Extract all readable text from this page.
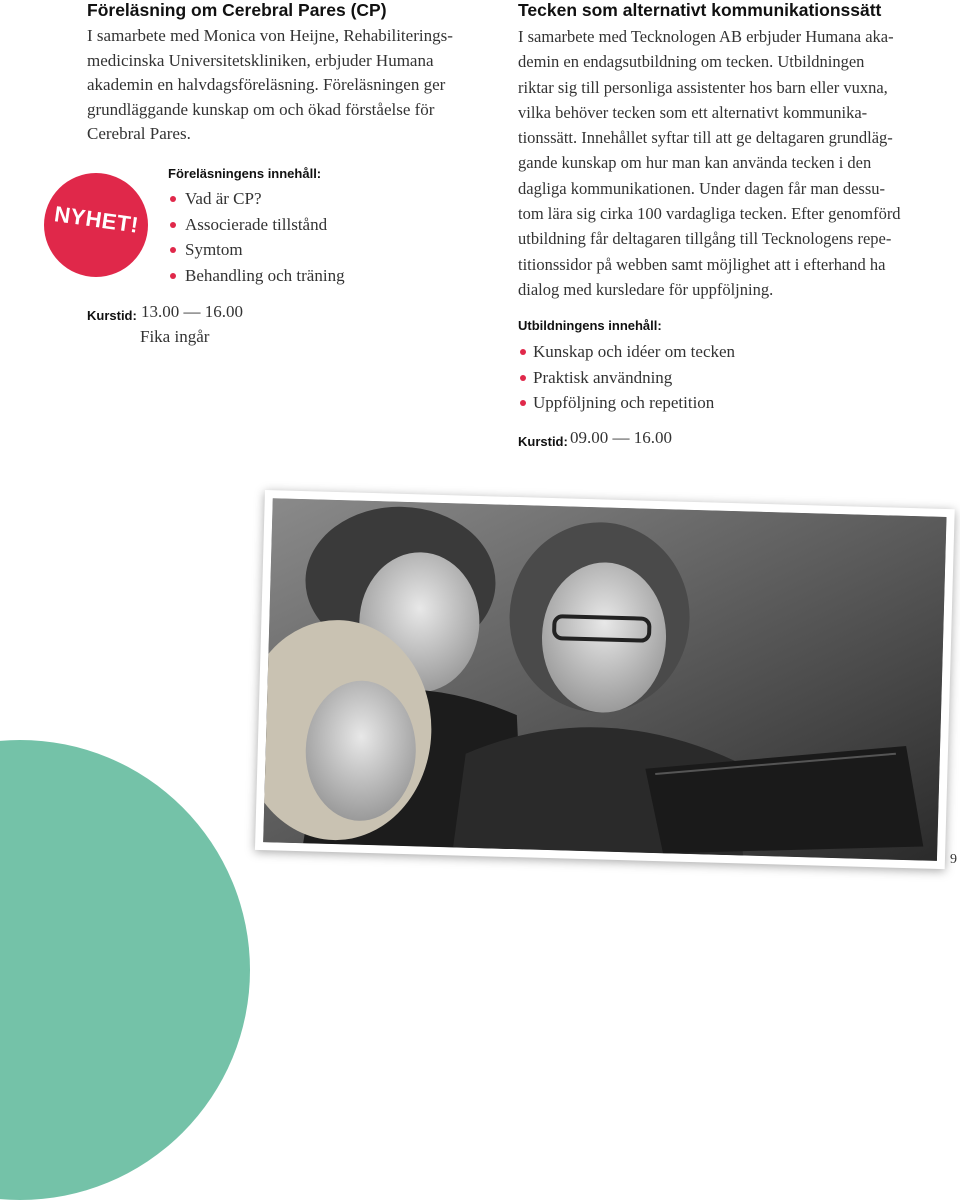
Föreläsning om Cerebral Pares (CP)
I samarbete med Monica von Heijne, Rehabiliterings-
medicinska Universitetskliniken, erbjuder Humana
akademin en halvdagsföreläsning. Föreläsningen ger
grundläggande kunskap om och ökad förståelse för
Cerebral Pares.
NYHET!
Föreläsningens innehåll:
Vad är CP?
Associerade tillstånd
Symtom
Behandling och träning
Kurstid: 13.00 — 16.00
Fika ingår
Tecken som alternativt kommunikationssätt
I samarbete med Tecknologen AB erbjuder Humana aka-
demin en endagsutbildning om tecken. Utbildningen
riktar sig till personliga assistenter hos barn eller vuxna,
vilka behöver tecken som ett alternativt kommunika-
tionssätt. Innehållet syftar till att ge deltagaren grundläg-
gande kunskap om hur man kan använda tecken i den
dagliga kommunikationen. Under dagen får man dessu-
tom lära sig cirka 100 vardagliga tecken. Efter genomförd
utbildning får deltagaren tillgång till Tecknologens repe-
titionssidor på webben samt möjlighet att i efterhand ha
dialog med kursledare för uppföljning.
Utbildningens innehåll:
Kunskap och idéer om tecken
Praktisk användning
Uppföljning och repetition
Kurstid: 09.00 — 16.00
9
